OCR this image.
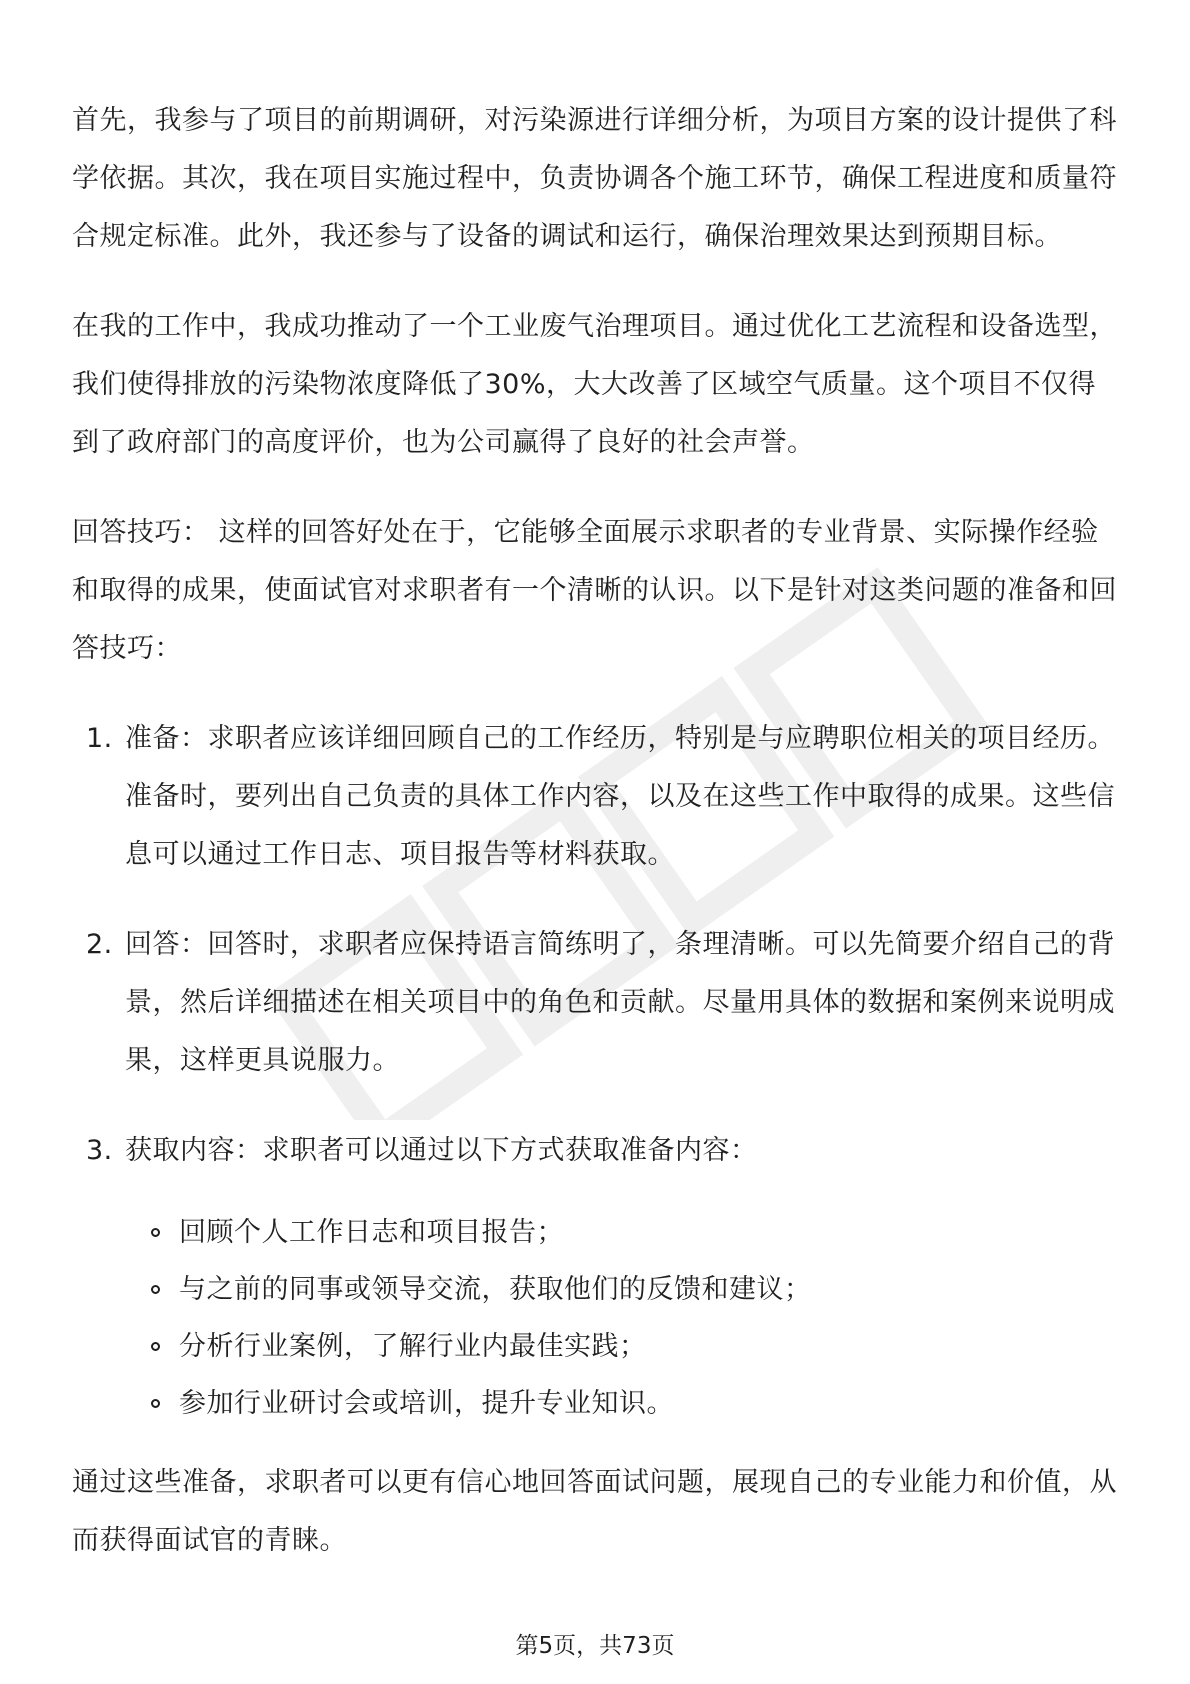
首先，我参与了项目的前期调研，对污染源进行详细分析，为项目方案的设计提供了科学依据。其次，我在项目实施过程中，负责协调各个施工环节，确保工程进度和质量符合规定标准。此外，我还参与了设备的调试和运行，确保治理效果达到预期目标。

在我的工作中，我成功推动了一个工业废气治理项目。通过优化工艺流程和设备选型，我们使得排放的污染物浓度降低了30%，大大改善了区域空气质量。这个项目不仅得到了政府部门的高度评价，也为公司赢得了良好的社会声誉。

回答技巧： 这样的回答好处在于，它能够全面展示求职者的专业背景、实际操作经验和取得的成果，使面试官对求职者有一个清晰的认识。以下是针对这类问题的准备和回答技巧：

1. 准备：求职者应该详细回顾自己的工作经历，特别是与应聘职位相关的项目经历。准备时，要列出自己负责的具体工作内容，以及在这些工作中取得的成果。这些信息可以通过工作日志、项目报告等材料获取。
2. 回答：回答时，求职者应保持语言简练明了，条理清晰。可以先简要介绍自己的背景，然后详细描述在相关项目中的角色和贡献。尽量用具体的数据和案例来说明成果，这样更具说服力。
3. 获取内容：求职者可以通过以下方式获取准备内容：
回顾个人工作日志和项目报告；
与之前的同事或领导交流，获取他们的反馈和建议；
分析行业案例，了解行业内最佳实践；
参加行业研讨会或培训，提升专业知识。

通过这些准备，求职者可以更有信心地回答面试问题，展现自己的专业能力和价值，从而获得面试官的青睐。

第5页，共73页
